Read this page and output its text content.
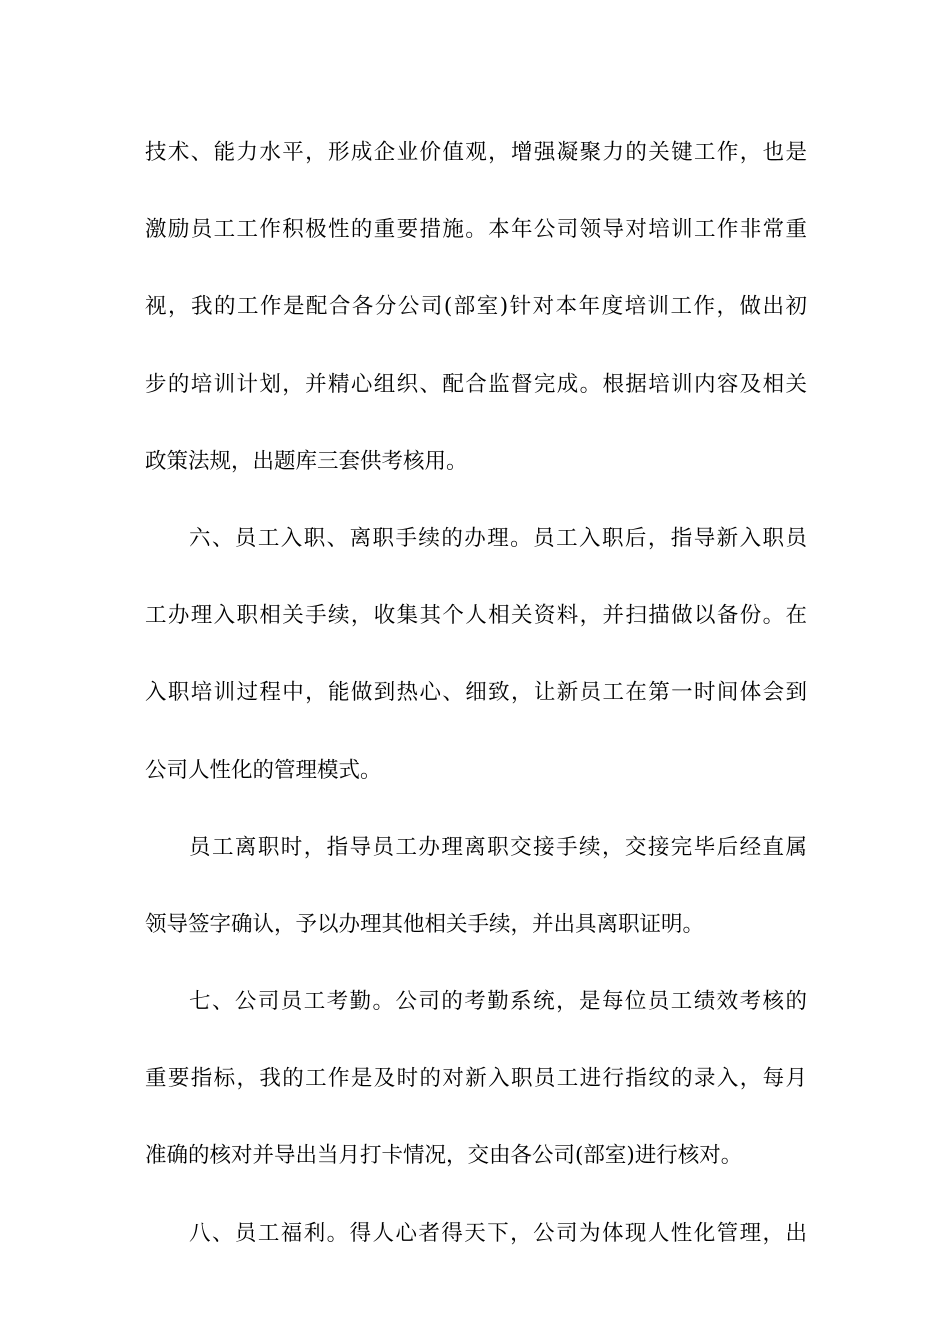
技术、能力水平，形成企业价值观，增强凝聚力的关键工作，也是
激励员工工作积极性的重要措施。本年公司领导对培训工作非常重
视，我的工作是配合各分公司(部室)针对本年度培训工作，做出初
步的培训计划，并精心组织、配合监督完成。根据培训内容及相关
政策法规，出题库三套供考核用。
六、员工入职、离职手续的办理。员工入职后，指导新入职员
工办理入职相关手续，收集其个人相关资料，并扫描做以备份。在
入职培训过程中，能做到热心、细致，让新员工在第一时间体会到
公司人性化的管理模式。
员工离职时，指导员工办理离职交接手续，交接完毕后经直属
领导签字确认，予以办理其他相关手续，并出具离职证明。
七、公司员工考勤。公司的考勤系统，是每位员工绩效考核的
重要指标，我的工作是及时的对新入职员工进行指纹的录入，每月
准确的核对并导出当月打卡情况，交由各公司(部室)进行核对。
八、员工福利。得人心者得天下，公司为体现人性化管理，出
